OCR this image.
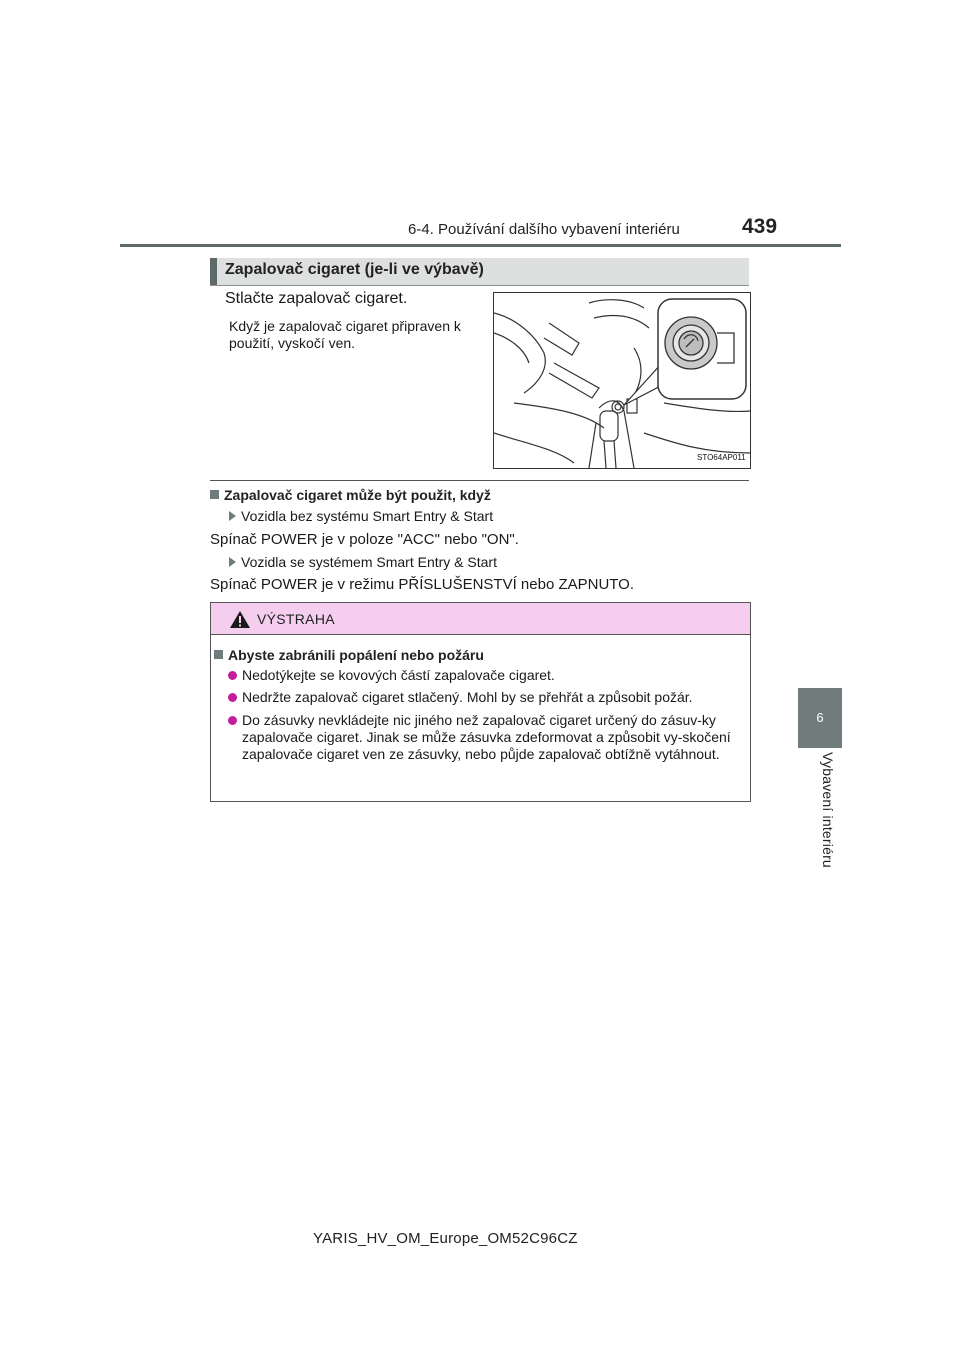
6-4. Používání dalšího vybavení interiéru	439
6
Vybavení interiéru
Zapalovač cigaret (je-li ve výbavě)
Stlačte zapalovač cigaret.
Když je zapalovač cigaret připraven k použití, vyskočí ven.
STO64AP011
Zapalovač cigaret může být použit, když
Vozidla bez systému Smart Entry & Start
Spínač POWER je v poloze "ACC" nebo "ON".
Vozidla se systémem Smart Entry & Start
Spínač POWER je v režimu PŘÍSLUŠENSTVÍ nebo ZAPNUTO.
VÝSTRAHA
Abyste zabránili popálení nebo požáru
Nedotýkejte se kovových částí zapalovače cigaret.
Nedržte zapalovač cigaret stlačený. Mohl by se přehřát a způsobit požár.
Do zásuvky nevkládejte nic jiného než zapalovač cigaret určený do zásuv-ky zapalovače cigaret. Jinak se může zásuvka zdeformovat a způsobit vy-skočení zapalovače cigaret ven ze zásuvky, nebo půjde zapalovač obtížně vytáhnout.
YARIS_HV_OM_Europe_OM52C96CZ
